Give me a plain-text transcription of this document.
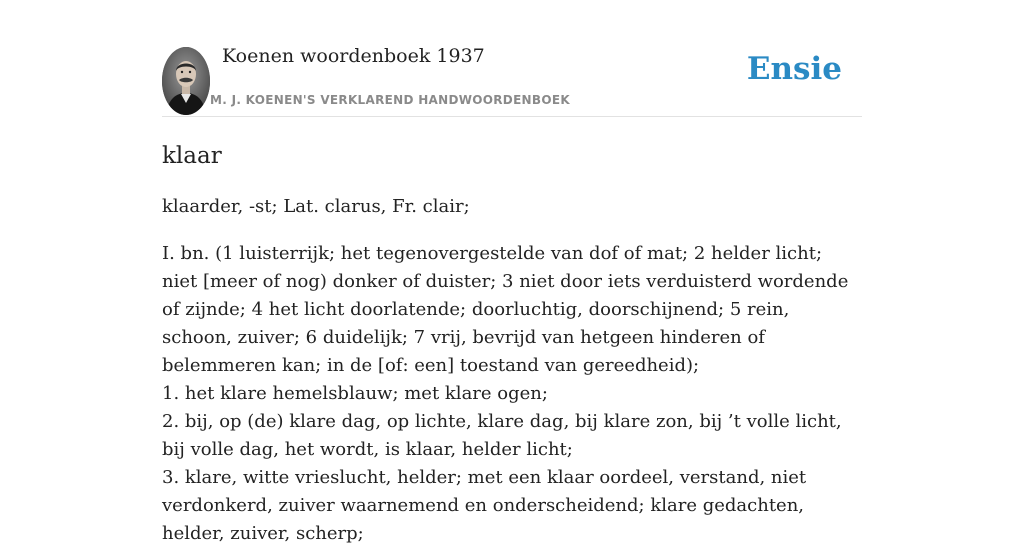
Koenen woordenboek 1937
M. J. KOENEN'S VERKLAREND HANDWOORDENBOEK
Ensie
klaar

klaarder, -st; Lat. clarus, Fr. clair;

I. bn. (1 luisterrijk; het tegenovergestelde van dof of mat; 2 helder licht; niet [meer of nog) donker of duister; 3 niet door iets verduisterd wordende of zijnde; 4 het licht doorlatende; doorluchtig, doorschijnend; 5 rein, schoon, zuiver; 6 duidelijk; 7 vrij, bevrijd van hetgeen hinderen of belemmeren kan; in de [of: een] toestand van gereedheid);
1. het klare hemelsblauw; met klare ogen;
2. bij, op (de) klare dag, op lichte, klare dag, bij klare zon, bij ’t volle licht, bij volle dag, het wordt, is klaar, helder licht;
3. klare, witte vrieslucht, helder; met een klaar oordeel, verstand, niet verdonkerd, zuiver waarnemend en onderscheidend; klare gedachten, helder, zuiver, scherp;
